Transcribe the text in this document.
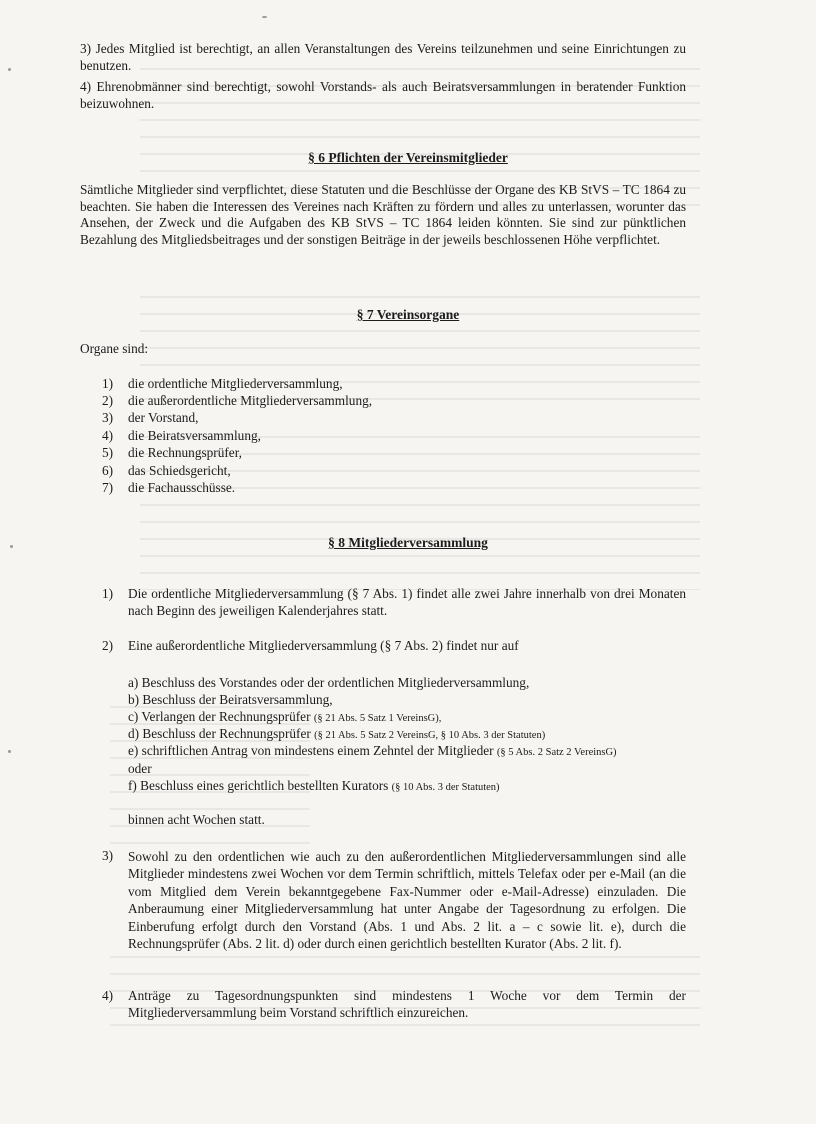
3) Jedes Mitglied ist berechtigt, an allen Veranstaltungen des Vereins teilzunehmen und seine Einrichtungen zu benutzen.
4) Ehrenobmänner sind berechtigt, sowohl Vorstands- als auch Beiratsversammlungen in beratender Funktion beizuwohnen.
§ 6 Pflichten der Vereinsmitglieder
Sämtliche Mitglieder sind verpflichtet, diese Statuten und die Beschlüsse der Organe des KB StVS – TC 1864 zu beachten. Sie haben die Interessen des Vereines nach Kräften zu fördern und alles zu unterlassen, worunter das Ansehen, der Zweck und die Aufgaben des KB StVS – TC 1864 leiden könnten. Sie sind zur pünktlichen Bezahlung des Mitgliedsbeitrages und der sonstigen Beiträge in der jeweils beschlossenen Höhe verpflichtet.
§ 7 Vereinsorgane
Organe sind:
1) die ordentliche Mitgliederversammlung,
2) die außerordentliche Mitgliederversammlung,
3) der Vorstand,
4) die Beiratsversammlung,
5) die Rechnungsprüfer,
6) das Schiedsgericht,
7) die Fachausschüsse.
§ 8 Mitgliederversammlung
1) Die ordentliche Mitgliederversammlung (§ 7 Abs. 1) findet alle zwei Jahre innerhalb von drei Monaten nach Beginn des jeweiligen Kalenderjahres statt.
2) Eine außerordentliche Mitgliederversammlung (§ 7 Abs. 2) findet nur auf
a) Beschluss des Vorstandes oder der ordentlichen Mitgliederversammlung,
b) Beschluss der Beiratsversammlung,
c) Verlangen der Rechnungsprüfer (§ 21 Abs. 5 Satz 1 VereinsG),
d) Beschluss der Rechnungsprüfer (§ 21 Abs. 5 Satz 2 VereinsG, § 10 Abs. 3 der Statuten)
e) schriftlichen Antrag von mindestens einem Zehntel der Mitglieder (§ 5 Abs. 2 Satz 2 VereinsG)
oder
f) Beschluss eines gerichtlich bestellten Kurators (§ 10 Abs. 3 der Statuten)
binnen acht Wochen statt.
3) Sowohl zu den ordentlichen wie auch zu den außerordentlichen Mitgliederversammlungen sind alle Mitglieder mindestens zwei Wochen vor dem Termin schriftlich, mittels Telefax oder per e-Mail (an die vom Mitglied dem Verein bekanntgegebene Fax-Nummer oder e-Mail-Adresse) einzuladen. Die Anberaumung einer Mitgliederversammlung hat unter Angabe der Tagesordnung zu erfolgen. Die Einberufung erfolgt durch den Vorstand (Abs. 1 und Abs. 2 lit. a – c sowie lit. e), durch die Rechnungsprüfer (Abs. 2 lit. d) oder durch einen gerichtlich bestellten Kurator (Abs. 2 lit. f).
4) Anträge zu Tagesordnungspunkten sind mindestens 1 Woche vor dem Termin der Mitgliederversammlung beim Vorstand schriftlich einzureichen.
